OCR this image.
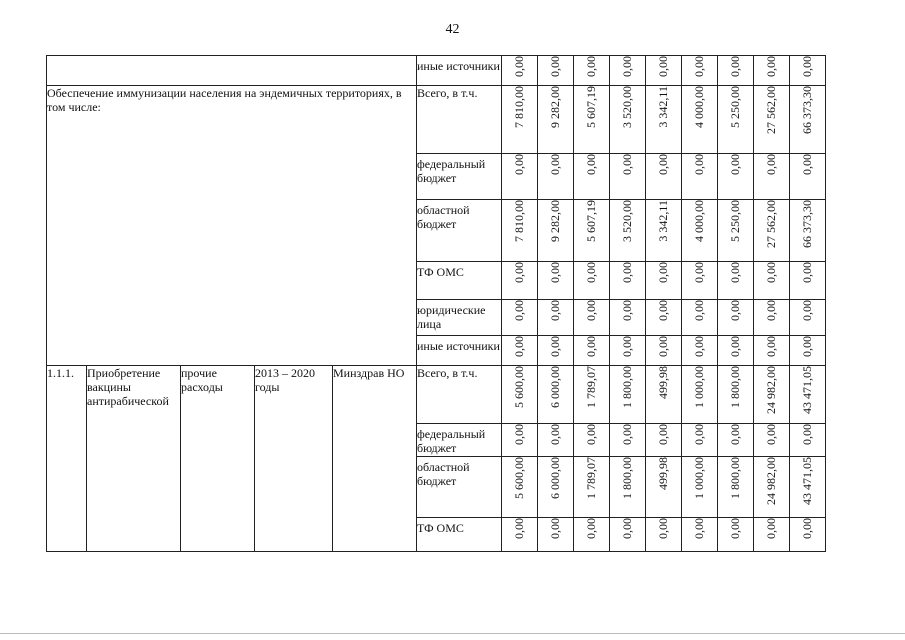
42
					иные источники	0,00	0,00	0,00	0,00	0,00	0,00	0,00	0,00	0,00

Обеспечение иммунизации населения на эндемичных территориях, в том числе:					Всего, в т.ч.	7 810,00	9 282,00	5 607,19	3 520,00	3 342,11	4 000,00	5 250,00	27 562,00	66 373,30

					федеральный бюджет	0,00	0,00	0,00	0,00	0,00	0,00	0,00	0,00	0,00

					областной бюджет	7 810,00	9 282,00	5 607,19	3 520,00	3 342,11	4 000,00	5 250,00	27 562,00	66 373,30

					ТФ ОМС	0,00	0,00	0,00	0,00	0,00	0,00	0,00	0,00	0,00

					юридические лица	0,00	0,00	0,00	0,00	0,00	0,00	0,00	0,00	0,00

					иные источники	0,00	0,00	0,00	0,00	0,00	0,00	0,00	0,00	0,00

1.1.1.	Приобретение вакцины антирабической	прочие расходы	2013 – 2020 годы	Минздрав НО	Всего, в т.ч.	5 600,00	6 000,00	1 789,07	1 800,00	499,98	1 000,00	1 800,00	24 982,00	43 471,05

					федеральный бюджет	0,00	0,00	0,00	0,00	0,00	0,00	0,00	0,00	0,00

					областной бюджет	5 600,00	6 000,00	1 789,07	1 800,00	499,98	1 000,00	1 800,00	24 982,00	43 471,05

					ТФ ОМС	0,00	0,00	0,00	0,00	0,00	0,00	0,00	0,00	0,00
